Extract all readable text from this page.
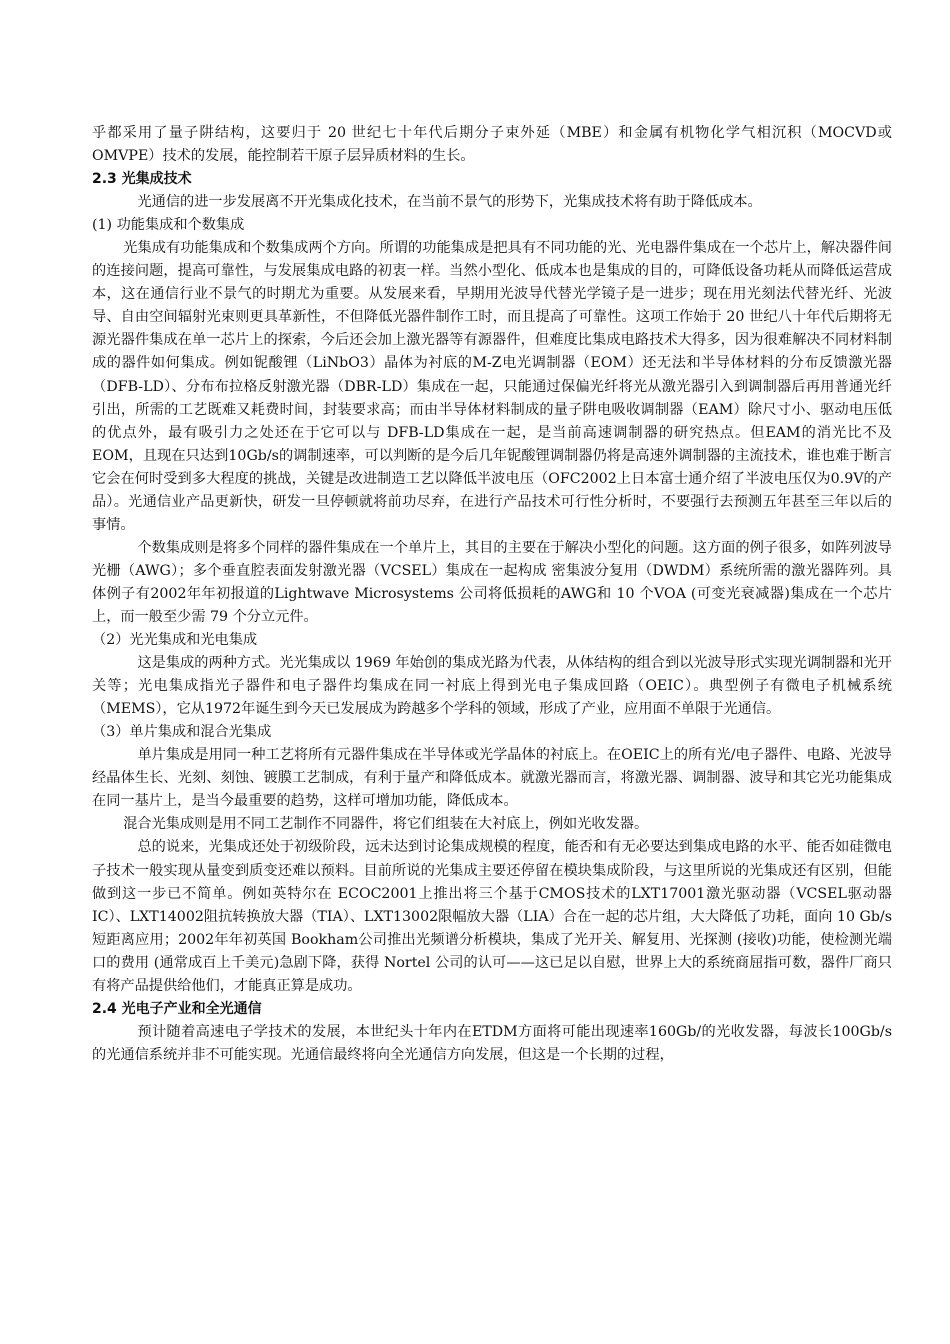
乎都采用了量子阱结构，这要归于 20 世纪七十年代后期分子束外延（MBE）和金属有机物化学气相沉积（MOCVD或OMVPE）技术的发展，能控制若干原子层异质材料的生长。

2.3 光集成技术

光通信的进一步发展离不开光集成化技术，在当前不景气的形势下，光集成技术将有助于降低成本。

(1) 功能集成和个数集成

光集成有功能集成和个数集成两个方向。所谓的功能集成是把具有不同功能的光、光电器件集成在一个芯片上，解决器件间的连接问题，提高可靠性，与发展集成电路的初衷一样。当然小型化、低成本也是集成的目的，可降低设备功耗从而降低运营成本，这在通信行业不景气的时期尤为重要。从发展来看，早期用光波导代替光学镜子是一进步；现在用光刻法代替光纤、光波导、自由空间辐射光束则更具革新性，不但降低光器件制作工时，而且提高了可靠性。这项工作始于 20 世纪八十年代后期将无源光器件集成在单一芯片上的探索，今后还会加上激光器等有源器件，但难度比集成电路技术大得多，因为很难解决不同材料制成的器件如何集成。例如铌酸锂（LiNbO3）晶体为衬底的M-Z电光调制器（EOM）还无法和半导体材料的分布反馈激光器（DFB-LD）、分布布拉格反射激光器（DBR-LD）集成在一起，只能通过保偏光纤将光从激光器引入到调制器后再用普通光纤引出，所需的工艺既难又耗费时间，封装要求高；而由半导体材料制成的量子阱电吸收调制器（EAM）除尺寸小、驱动电压低的优点外，最有吸引力之处还在于它可以与 DFB-LD集成在一起，是当前高速调制器的研究热点。但EAM的消光比不及EOM，且现在只达到10Gb/s的调制速率，可以判断的是今后几年铌酸锂调制器仍将是高速外调制器的主流技术，谁也难于断言它会在何时受到多大程度的挑战，关键是改进制造工艺以降低半波电压（OFC2002上日本富士通介绍了半波电压仅为0.9V的产品）。光通信业产品更新快，研发一旦停顿就将前功尽弃，在进行产品技术可行性分析时，不要强行去预测五年甚至三年以后的事情。

个数集成则是将多个同样的器件集成在一个单片上，其目的主要在于解决小型化的问题。这方面的例子很多，如阵列波导光栅（AWG）；多个垂直腔表面发射激光器（VCSEL）集成在一起构成 密集波分复用（DWDM）系统所需的激光器阵列。具体例子有2002年年初报道的Lightwave Microsystems 公司将低损耗的AWG和 10 个VOA (可变光衰减器)集成在一个芯片上，而一般至少需 79 个分立元件。

（2）光光集成和光电集成

这是集成的两种方式。光光集成以 1969 年始创的集成光路为代表，从体结构的组合到以光波导形式实现光调制器和光开关等；光电集成指光子器件和电子器件均集成在同一衬底上得到光电子集成回路（OEIC）。典型例子有微电子机械系统（MEMS），它从1972年诞生到今天已发展成为跨越多个学科的领域，形成了产业，应用面不单限于光通信。

（3）单片集成和混合光集成

单片集成是用同一种工艺将所有元器件集成在半导体或光学晶体的衬底上。在OEIC上的所有光/电子器件、电路、光波导经晶体生长、光刻、刻蚀、镀膜工艺制成，有利于量产和降低成本。就激光器而言，将激光器、调制器、波导和其它光功能集成在同一基片上，是当今最重要的趋势，这样可增加功能，降低成本。

混合光集成则是用不同工艺制作不同器件，将它们组装在大衬底上，例如光收发器。

总的说来，光集成还处于初级阶段，远未达到讨论集成规模的程度，能否和有无必要达到集成电路的水平、能否如硅微电子技术一般实现从量变到质变还难以预料。目前所说的光集成主要还停留在模块集成阶段，与这里所说的光集成还有区别，但能做到这一步已不简单。例如英特尔在 ECOC2001上推出将三个基于CMOS技术的LXT17001激光驱动器（VCSEL驱动器IC）、LXT14002阻抗转换放大器（TIA）、LXT13002限幅放大器（LIA）合在一起的芯片组，大大降低了功耗，面向 10 Gb/s 短距离应用；2002年年初英国 Bookham公司推出光频谱分析模块，集成了光开关、解复用、光探测 (接收)功能，使检测光端口的费用 (通常成百上千美元)急剧下降，获得 Nortel 公司的认可——这已足以自慰，世界上大的系统商屈指可数，器件厂商只有将产品提供给他们，才能真正算是成功。

2.4 光电子产业和全光通信

预计随着高速电子学技术的发展，本世纪头十年内在ETDM方面将可能出现速率160Gb/的光收发器，每波长100Gb/s 的光通信系统并非不可能实现。光通信最终将向全光通信方向发展，但这是一个长期的过程，
